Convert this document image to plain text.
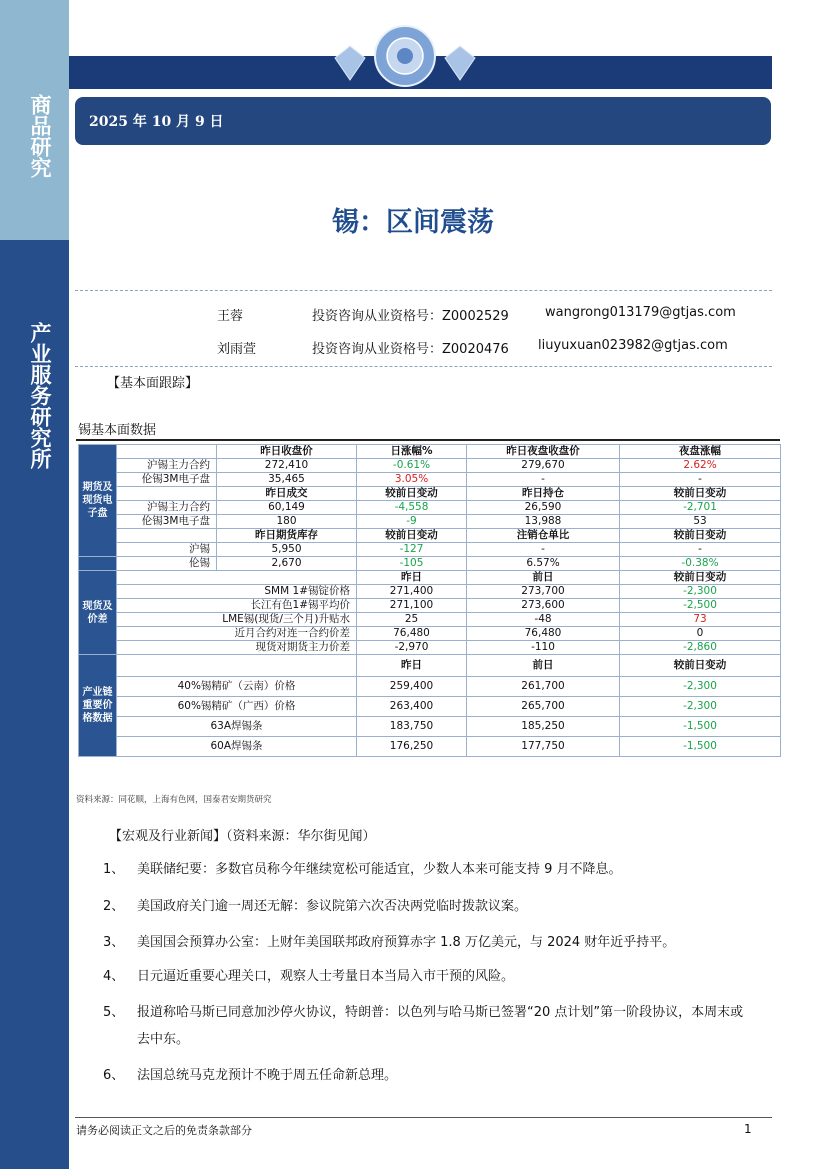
商品研究
产业服务研究所
2025 年 10 月 9 日
锡：区间震荡
王蓉	投资咨询从业资格号：Z0002529	wangrong013179@gtjas.com
刘雨萱	投资咨询从业资格号：Z0020476 liuyuxuan023982@gtjas.com
【基本面跟踪】
锡基本面数据
期货及现货电子盘		昨日收盘价	日涨幅%	昨日夜盘收盘价	夜盘涨幅
	沪锡主力合约	272,410	-0.61%	279,670	2.62%
	伦锡3M电子盘	35,465	3.05%	-	-
		昨日成交	较前日变动	昨日持仓	较前日变动
	沪锡主力合约	60,149	-4,558	26,590	-2,701
	伦锡3M电子盘	180	-9	13,988	53
		昨日期货库存	较前日变动	注销仓单比	较前日变动
	沪锡	5,950	-127	-	-
	伦锡	2,670	-105	6.57%	-0.38%
现货及价差			昨日	前日	较前日变动
	SMM 1#锡锭价格		271,400	273,700	-2,300
	长江有色1#锡平均价		271,100	273,600	-2,500
	LME锡(现货/三个月)升贴水		25	-48	73
	近月合约对连一合约价差		76,480	76,480	0
	现货对期货主力价差		-2,970	-110	-2,860
产业链重要价格数据			昨日	前日	较前日变动
	40%锡精矿（云南）价格		259,400	261,700	-2,300
	60%锡精矿（广西）价格		263,400	265,700	-2,300
	63A焊锡条		183,750	185,250	-1,500
	60A焊锡条		176,250	177,750	-1,500
资料来源：同花顺，上海有色网，国泰君安期货研究
【宏观及行业新闻】（资料来源：华尔街见闻）
1、 美联储纪要：多数官员称今年继续宽松可能适宜，少数人本来可能支持 9 月不降息。
2、 美国政府关门逾一周还无解：参议院第六次否决两党临时拨款议案。
3、 美国国会预算办公室：上财年美国联邦政府预算赤字 1.8 万亿美元，与 2024 财年近乎持平。
4、 日元逼近重要心理关口，观察人士考量日本当局入市干预的风险。
5、 报道称哈马斯已同意加沙停火协议，特朗普：以色列与哈马斯已签署“20 点计划”第一阶段协议，本周末或去中东。
6、 法国总统马克龙预计不晚于周五任命新总理。
请务必阅读正文之后的免责条款部分	1
